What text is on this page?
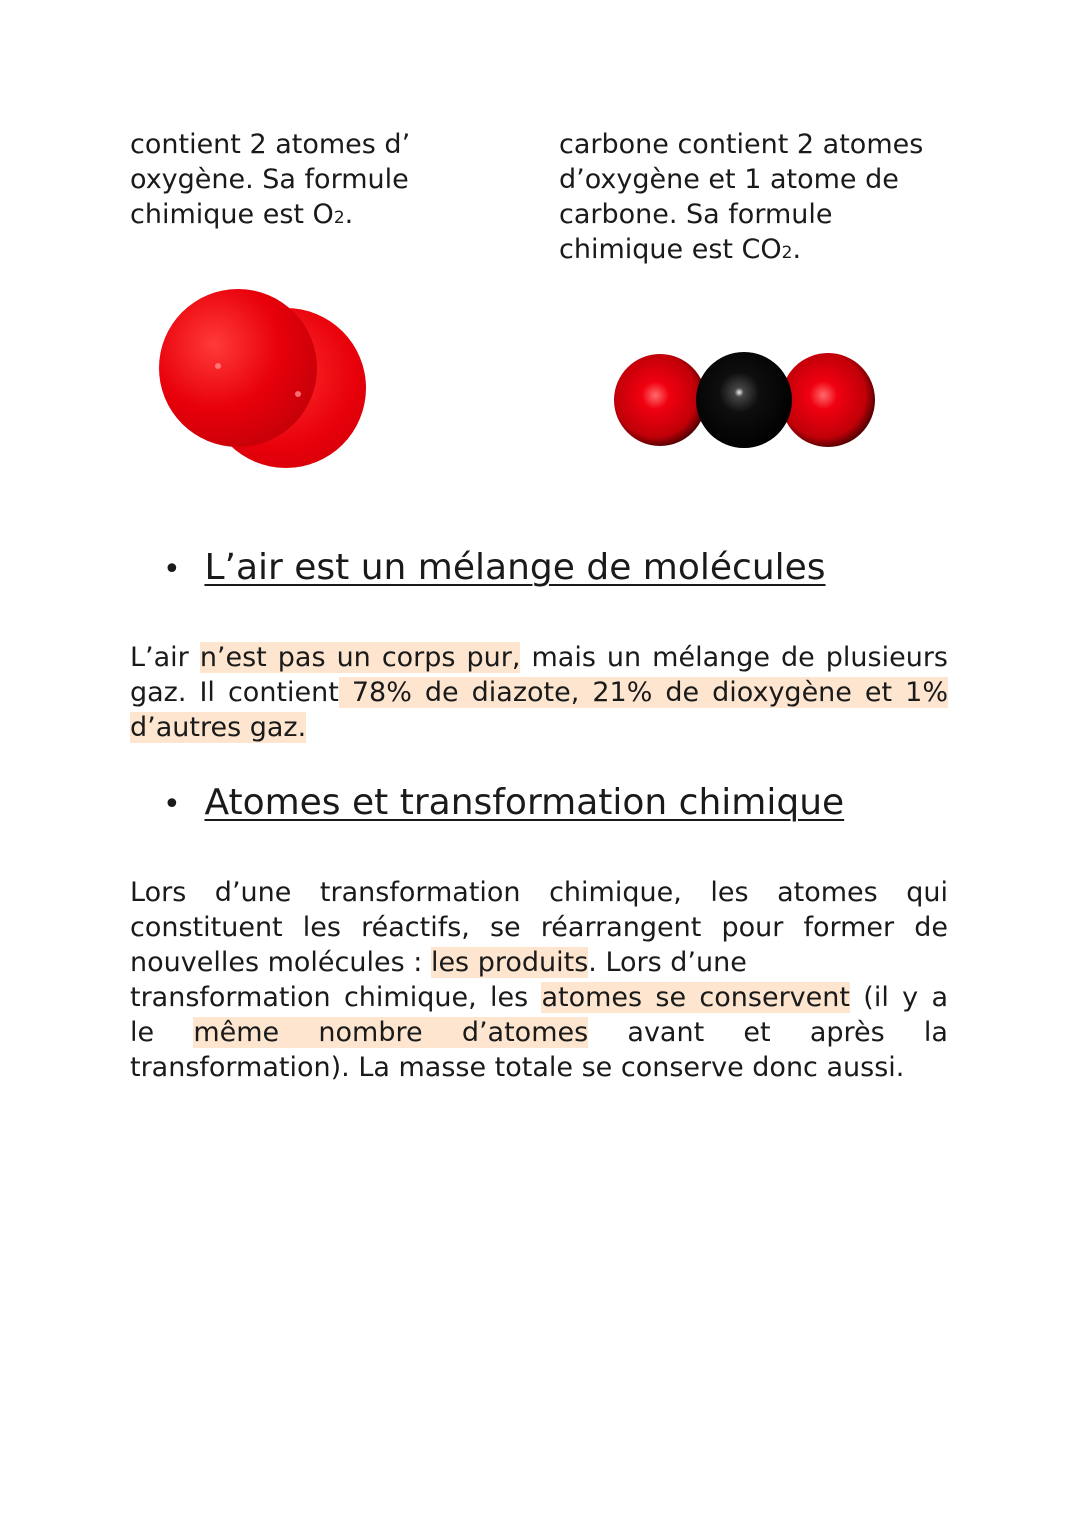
contient 2 atomes d’
oxygène. Sa formule
chimique est O2.
carbone contient 2 atomes
d’oxygène et 1 atome de
carbone. Sa formule
chimique est CO2.
• L’air est un mélange de molécules

L’air n’est pas un corps pur, mais un mélange de plusieurs gaz. Il contient 78% de diazote, 21% de dioxygène et 1% d’autres gaz.

• Atomes et transformation chimique
Lors d’une transformation chimique, les atomes qui
constituent les réactifs, se réarrangent pour former de
nouvelles molécules : les produits. Lors d’une
transformation chimique, les atomes se conservent (il y a
le même nombre d’atomes avant et après la
transformation). La masse totale se conserve donc aussi.
